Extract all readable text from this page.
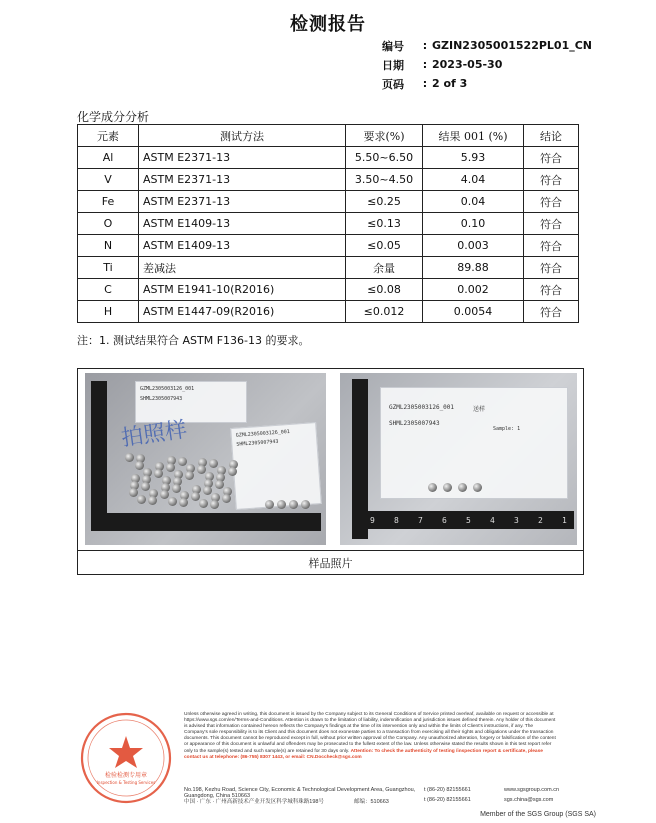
检测报告
编号	: GZIN2305001522PL01_CN
日期	: 2023-05-30
页码	: 2 of 3
化学成分分析
元素	测试方法	要求(%)	结果 001 (%)	结论
Al	ASTM E2371-13	5.50~6.50	5.93	符合
V	ASTM E2371-13	3.50~4.50	4.04	符合
Fe	ASTM E2371-13	≤0.25	0.04	符合
O	ASTM E1409-13	≤0.13	0.10	符合
N	ASTM E1409-13	≤0.05	0.003	符合
Ti	差减法	余量	89.88	符合
C	ASTM E1941-10(R2016)	≤0.08	0.002	符合
H	ASTM E1447-09(R2016)	≤0.012	0.0054	符合
注：1. 测试结果符合 ASTM F136-13 的要求。
GZML2305003126_001
SHML2305007943
GZML2305003126_001
SHML2305007943
拍照样
9 8 7 6 5 4 3 2 1
GZML2305003126_001	送样
SHML2305007943
Sample: 1
样品照片
检验检测专用章
Inspection & Testing Services
Unless otherwise agreed in writing, this document is issued by the Company subject to its General Conditions of Service printed overleaf, available on request or accessible at https://www.sgs.com/en/Terms-and-Conditions. Attention is drawn to the limitation of liability, indemnification and jurisdiction issues defined therein. Any holder of this document is advised that information contained hereon reflects the Company's findings at the time of its intervention only and within the limits of Client's instructions, if any. The Company's sole responsibility is to its Client and this document does not exonerate parties to a transaction from exercising all their rights and obligations under the transaction documents. This document cannot be reproduced except in full, without prior written approval of the Company. Any unauthorized alteration, forgery or falsification of the content or appearance of this document is unlawful and offenders may be prosecuted to the fullest extent of the law. Unless otherwise stated the results shown in this test report refer only to the sample(s) tested and such sample(s) are retained for 30 days only. Attention: To check the authenticity of testing /inspection report & certificate, please contact us at telephone: (86-755) 8307 1443, or email: CN.Doccheck@sgs.com
No.198, Kezhu Road, Science City, Economic & Technological Development Area, Guangzhou, Guangdong, China 510663
t (86-20) 82155661	www.sgsgroup.com.cn
中国 · 广东 · 广州高新技术产业开发区科学城科珠路198号	邮编：510663	t (86-20) 82155661	sgs.china@sgs.com
Member of the SGS Group (SGS SA)
